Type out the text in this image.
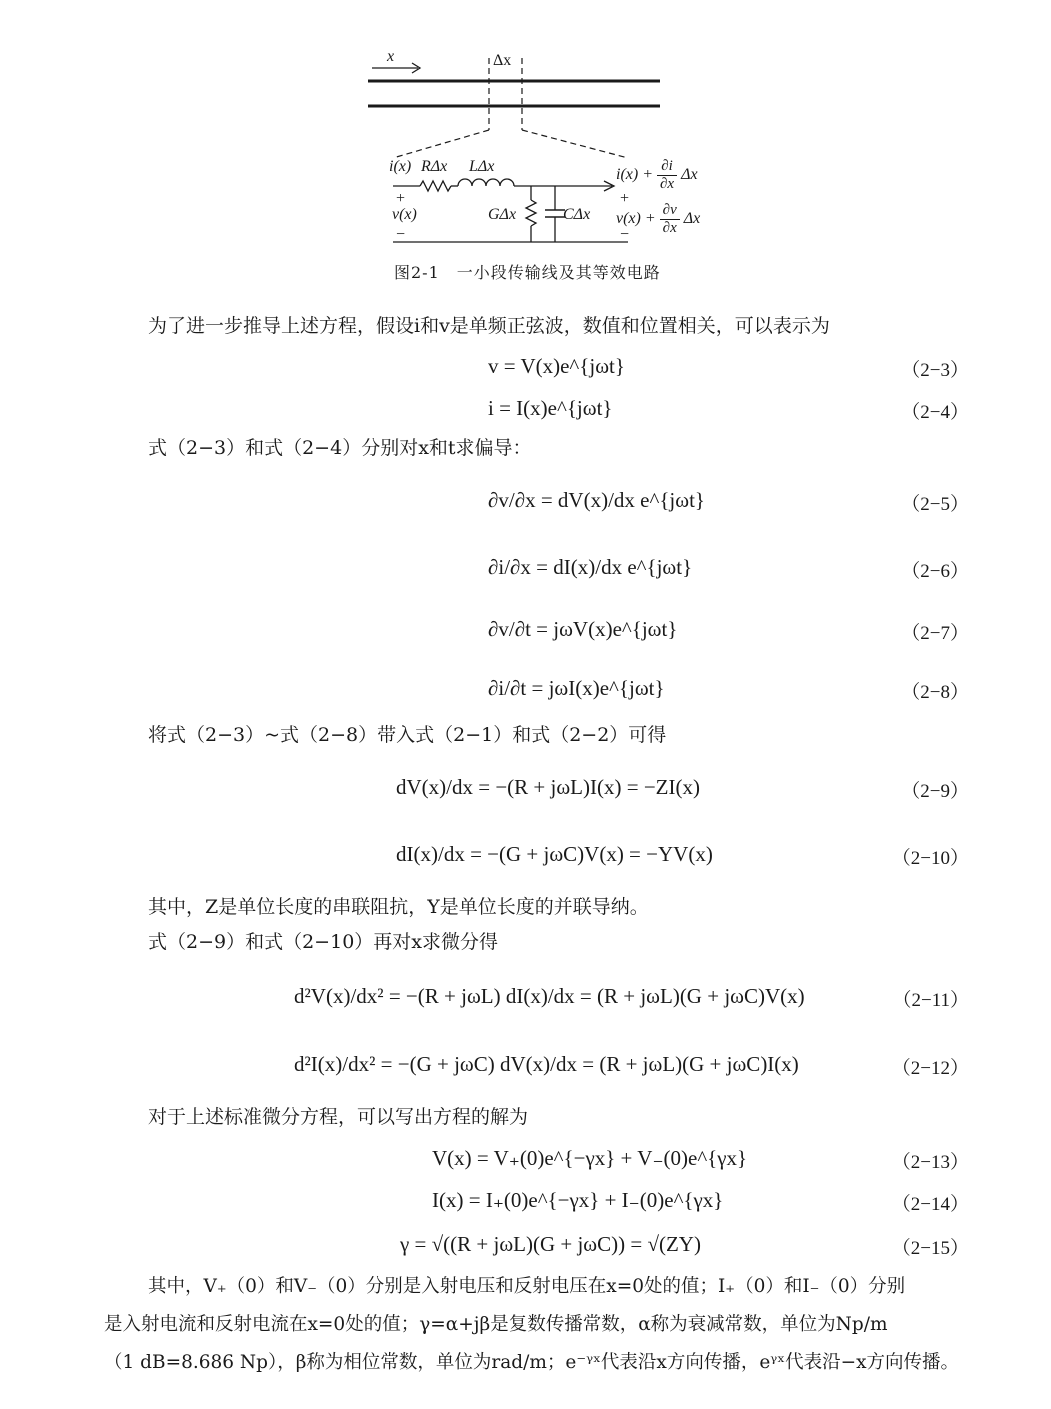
x	Δx
i(x) RΔx LΔx
+
v(x)
−
GΔx	CΔx
$i(x) + \frac{\partial i}{\partial x}$ Δx
+
$v(x) + \frac{\partial v}{\partial x}$ Δx
−
图2-1　一小段传输线及其等效电路
为了进一步推导上述方程，假设i和v是单频正弦波，数值和位置相关，可以表示为
v = V(x)e^{jωt}	（2−3）
i = I(x)e^{jωt}	（2−4）
式（2−3）和式（2−4）分别对x和t求偏导：
∂v/∂x = dV(x)/dx e^{jωt}	（2−5）
∂i/∂x = dI(x)/dx e^{jωt}	（2−6）
∂v/∂t = jωV(x)e^{jωt}	（2−7）
∂i/∂t = jωI(x)e^{jωt}	（2−8）
将式（2−3）~式（2−8）带入式（2−1）和式（2−2）可得
dV(x)/dx = −(R + jωL)I(x) = −ZI(x)	（2−9）
dI(x)/dx = −(G + jωC)V(x) = −YV(x)	（2−10）
其中，Z是单位长度的串联阻抗，Y是单位长度的并联导纳。
式（2−9）和式（2−10）再对x求微分得
d²V(x)/dx² = −(R + jωL) dI(x)/dx = (R + jωL)(G + jωC)V(x)	（2−11）
d²I(x)/dx² = −(G + jωC) dV(x)/dx = (R + jωL)(G + jωC)I(x)	（2−12）
对于上述标准微分方程，可以写出方程的解为
V(x) = V₊(0)e^{−γx} + V₋(0)e^{γx}	（2−13）
I(x) = I₊(0)e^{−γx} + I₋(0)e^{γx}	（2−14）
γ = √((R + jωL)(G + jωC)) = √(ZY)	（2−15）
其中，V₊（0）和V₋（0）分别是入射电压和反射电压在x=0处的值；I₊（0）和I₋（0）分别
是入射电流和反射电流在x=0处的值；γ=α+jβ是复数传播常数，α称为衰减常数，单位为Np/m
（1 dB=8.686 Np），β称为相位常数，单位为rad/m；e⁻ᵞˣ代表沿x方向传播，eᵞˣ代表沿−x方向传播。
